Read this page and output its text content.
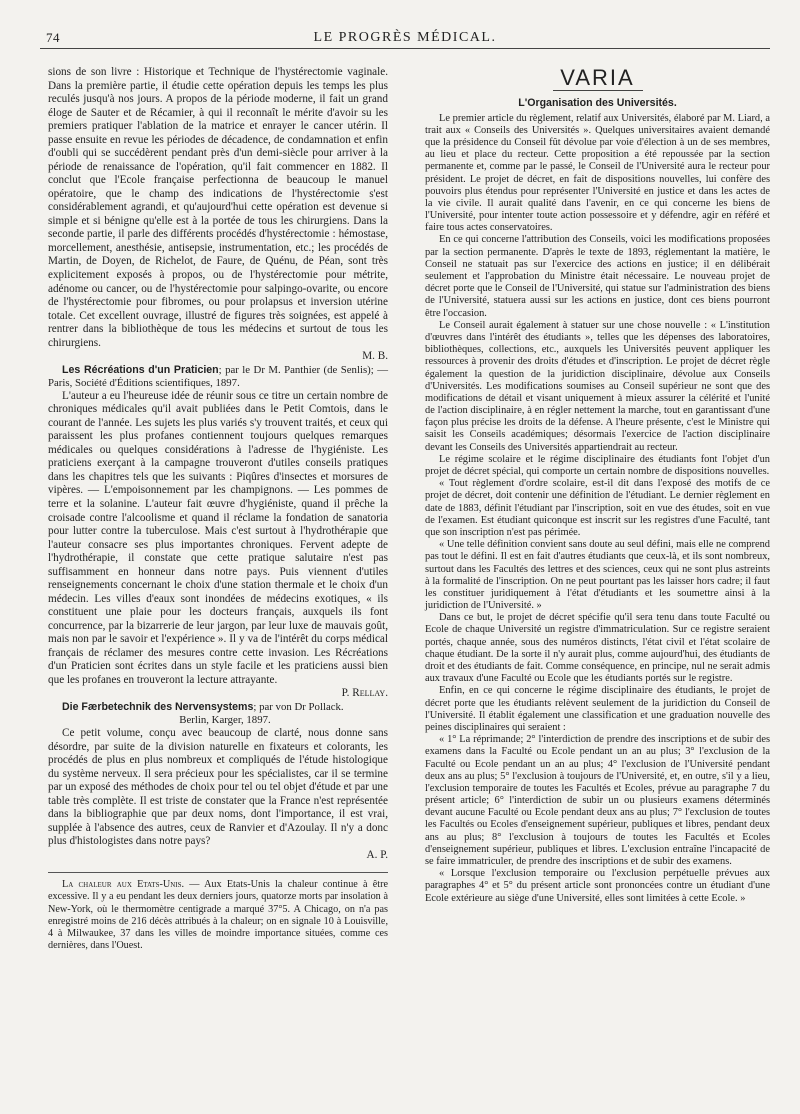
74	LE PROGRÈS MÉDICAL.

sions de son livre : Historique et Technique de l'hystérectomie vaginale. Dans la première partie, il étudie cette opération depuis les temps les plus reculés jusqu'à nos jours. A propos de la période moderne, il fait un grand éloge de Sauter et de Récamier, à qui il reconnaît le mérite d'avoir su les premiers pratiquer l'ablation de la matrice et enrayer le cancer utérin. Il passe ensuite en revue les périodes de décadence, de condamnation et enfin d'oubli qui se succédèrent pendant près d'un demi-siècle pour arriver à la période de renaissance de l'opération, qu'il fait commencer en 1882. Il conclut que l'Ecole française perfectionna de beaucoup le manuel opératoire, que le champ des indications de l'hystérectomie s'est considérablement agrandi, et qu'aujourd'hui cette opération est devenue si simple et si bénigne qu'elle est à la portée de tous les chirurgiens. Dans la seconde partie, il parle des différents procédés d'hystérectomie : hémostase, morcellement, anesthésie, antisepsie, instrumentation, etc.; les procédés de Martin, de Doyen, de Richelot, de Faure, de Quénu, de Péan, sont très explicitement exposés à propos, ou de l'hystérectomie pour métrite, adénome ou cancer, ou de l'hystérectomie pour salpingo-ovarite, ou encore de l'hystérectomie pour fibromes, ou pour prolapsus et inversion utérine totale. Cet excellent ouvrage, illustré de figures très soignées, est appelé à rentrer dans la bibliothèque de tous les médecins et surtout de tous les chirurgiens.

M. B.

Les Récréations d'un Praticien; par le Dr M. Panthier (de Senlis); — Paris, Société d'Éditions scientifiques, 1897.

L'auteur a eu l'heureuse idée de réunir sous ce titre un certain nombre de chroniques médicales qu'il avait publiées dans le Petit Comtois, dans le courant de l'année. Les sujets les plus variés s'y trouvent traités, et ceux qui paraissent les plus profanes contiennent toujours quelques remarques médicales ou quelques considérations à l'adresse de l'hygiéniste. Les praticiens exerçant à la campagne trouveront d'utiles conseils pratiques dans les chapitres tels que les suivants : Piqûres d'insectes et morsures de vipères. — L'empoisonnement par les champignons. — Les pommes de terre et la solanine. L'auteur fait œuvre d'hygiéniste, quand il prêche la croisade contre l'alcoolisme et quand il réclame la fondation de sanatoria pour lutter contre la tuberculose. Mais c'est surtout à l'hydrothérapie que l'auteur consacre ses plus importantes chroniques. Fervent adepte de l'hydrothérapie, il constate que cette pratique salutaire n'est pas suffisamment en honneur dans notre pays. Puis viennent d'utiles renseignements concernant le choix d'une station thermale et le choix d'un médecin. Les villes d'eaux sont inondées de médecins exotiques, « ils constituent une plaie pour les docteurs français, auxquels ils font concurrence, par la bizarrerie de leur jargon, par leur luxe de mauvais goût, mais non par le savoir et l'expérience ». Il y va de l'intérêt du corps médical français de réclamer des mesures contre cette invasion. Les Récréations d'un Praticien sont écrites dans un style facile et les praticiens aussi bien que les profanes en trouveront la lecture attrayante.

P. Rellay.

Die Færbetechnik des Nervensystems; par von Dr Pollack.
Berlin, Karger, 1897.

Ce petit volume, conçu avec beaucoup de clarté, nous donne sans désordre, par suite de la division naturelle en fixateurs et colorants, les procédés de plus en plus nombreux et compliqués de l'étude histologique du système nerveux. Il sera précieux pour les spécialistes, car il se termine par un exposé des méthodes de choix pour tel ou tel objet d'étude et par une table très complète. Il est triste de constater que la France n'est représentée dans la bibliographie que par deux noms, dont l'importance, il est vrai, supplée à l'absence des autres, ceux de Ranvier et d'Azoulay. Il n'y a donc plus d'histologistes dans notre pays?

A. P.

La chaleur aux Etats-Unis. — Aux Etats-Unis la chaleur continue à être excessive. Il y a eu pendant les deux derniers jours, quatorze morts par insolation à New-York, où le thermomètre centigrade a marqué 37°5. A Chicago, on n'a pas enregistré moins de 216 décès attribués à la chaleur; on en signale 10 à Louisville, 4 à Milwaukee, 37 dans les villes de moindre importance situées, comme ces dernières, dans l'Ouest.

VARIA
L'Organisation des Universités.

Le premier article du règlement, relatif aux Universités, élaboré par M. Liard, a trait aux « Conseils des Universités ». Quelques universitaires avaient demandé que la présidence du Conseil fût dévolue par voie d'élection à un de ses membres, au lieu et place du recteur. Cette proposition a été repoussée par la section permanente et, comme par le passé, le Conseil de l'Université aura le recteur pour président. Le projet de décret, en fait de dispositions nouvelles, lui confère des pouvoirs plus étendus pour représenter l'Université en justice et dans les actes de la vie civile. Il aurait qualité dans l'avenir, en ce qui concerne les biens de l'Université, pour intenter toute action possessoire et y défendre, agir en référé et faire tous actes conservatoires.

En ce qui concerne l'attribution des Conseils, voici les modifications proposées par la section permanente. D'après le texte de 1893, réglementant la matière, le Conseil ne statuait pas sur l'exercice des actions en justice; il en délibérait seulement et l'approbation du Ministre était nécessaire. Le nouveau projet de décret porte que le Conseil de l'Université, qui statue sur l'administration des biens de l'Université, statuera aussi sur les actions en justice, dont ces biens pourront être l'occasion.

Le Conseil aurait également à statuer sur une chose nouvelle : « L'institution d'œuvres dans l'intérêt des étudiants », telles que les dépenses des laboratoires, bibliothèques, collections, etc., auxquels les Universités peuvent appliquer les ressources à provenir des droits d'études et d'inscription. Le projet de décret règle également la question de la juridiction disciplinaire, dévolue aux Conseils d'Universités. Les modifications soumises au Conseil supérieur ne sont que des modifications de détail et visant uniquement à mieux assurer la célérité et l'unité de l'action disciplinaire, à en régler nettement la marche, tout en garantissant d'une façon plus précise les droits de la défense. A l'heure présente, c'est le Ministre qui saisit les Conseils académiques; désormais l'exercice de l'action disciplinaire devant les Conseils des Universités appartiendrait au recteur.

Le régime scolaire et le régime disciplinaire des étudiants font l'objet d'un projet de décret spécial, qui comporte un certain nombre de dispositions nouvelles.

« Tout règlement d'ordre scolaire, est-il dit dans l'exposé des motifs de ce projet de décret, doit contenir une définition de l'étudiant. Le dernier règlement en date de 1883, définit l'étudiant par l'inscription, soit en vue des études, soit en vue de l'examen. Est étudiant quiconque est inscrit sur les registres d'une Faculté, tant que son inscription n'est pas périmée.

« Une telle définition convient sans doute au seul défini, mais elle ne comprend pas tout le défini. Il est en fait d'autres étudiants que ceux-là, et ils sont nombreux, surtout dans les Facultés des lettres et des sciences, ceux qui ne sont plus astreints à la formalité de l'inscription. On ne peut pourtant pas les laisser hors cadre; il faut les constituer juridiquement à l'état d'étudiants et les soumettre ainsi à la juridiction de l'Université. »

Dans ce but, le projet de décret spécifie qu'il sera tenu dans toute Faculté ou Ecole de chaque Université un registre d'immatriculation. Sur ce registre seraient portés, chaque année, sous des numéros distincts, l'état civil et l'état scolaire de chaque étudiant. De la sorte il n'y aurait plus, comme aujourd'hui, des étudiants de droit et des étudiants de fait. Comme conséquence, en principe, nul ne serait admis aux travaux d'une Faculté ou Ecole que les étudiants portés sur le registre.

Enfin, en ce qui concerne le régime disciplinaire des étudiants, le projet de décret porte que les étudiants relèvent seulement de la juridiction du Conseil de l'Université. Il établit également une classification et une graduation nouvelle des peines disciplinaires qui seraient :

« 1° La réprimande; 2° l'interdiction de prendre des inscriptions et de subir des examens dans la Faculté ou Ecole pendant un an au plus; 3° l'exclusion de la Faculté ou Ecole pendant un an au plus; 4° l'exclusion de l'Université pendant deux ans au plus; 5° l'exclusion à toujours de l'Université, et, en outre, s'il y a lieu, l'exclusion temporaire de toutes les Facultés et Ecoles, prévue au paragraphe 7 du présent article; 6° l'interdiction de subir un ou plusieurs examens déterminés devant aucune Faculté ou Ecole pendant deux ans au plus; 7° l'exclusion de toutes les Facultés ou Ecoles d'enseignement supérieur, publiques et libres, pendant deux ans au plus; 8° l'exclusion à toujours de toutes les Facultés et Ecoles d'enseignement supérieur, publiques et libres. L'exclusion entraîne l'incapacité de se faire immatriculer, de prendre des inscriptions et de subir des examens.

« Lorsque l'exclusion temporaire ou l'exclusion perpétuelle prévues aux paragraphes 4° et 5° du présent article sont prononcées contre un étudiant d'une Ecole extérieure au siège d'une Université, elles sont limitées à cette Ecole. »
